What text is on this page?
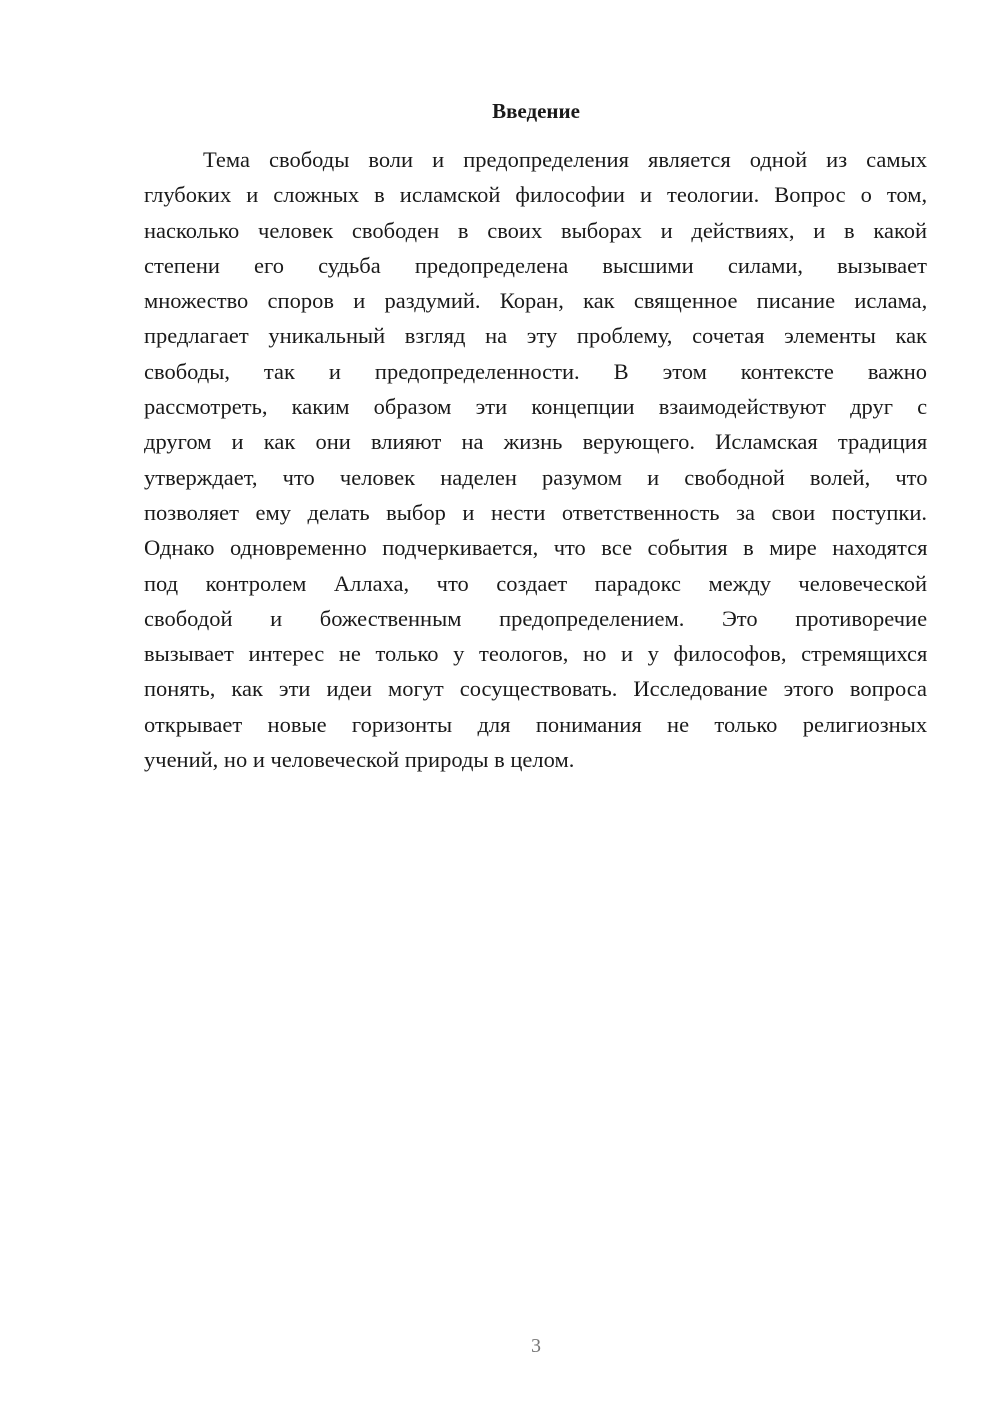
Введение
Тема свободы воли и предопределения является одной из самых
глубоких и сложных в исламской философии и теологии. Вопрос о том,
насколько человек свободен в своих выборах и действиях, и в какой
степени его судьба предопределена высшими силами, вызывает
множество споров и раздумий. Коран, как священное писание ислама,
предлагает уникальный взгляд на эту проблему, сочетая элементы как
свободы, так и предопределенности. В этом контексте важно
рассмотреть, каким образом эти концепции взаимодействуют друг с
другом и как они влияют на жизнь верующего. Исламская традиция
утверждает, что человек наделен разумом и свободной волей, что
позволяет ему делать выбор и нести ответственность за свои поступки.
Однако одновременно подчеркивается, что все события в мире находятся
под контролем Аллаха, что создает парадокс между человеческой
свободой и божественным предопределением. Это противоречие
вызывает интерес не только у теологов, но и у философов, стремящихся
понять, как эти идеи могут сосуществовать. Исследование этого вопроса
открывает новые горизонты для понимания не только религиозных
учений, но и человеческой природы в целом.
3
